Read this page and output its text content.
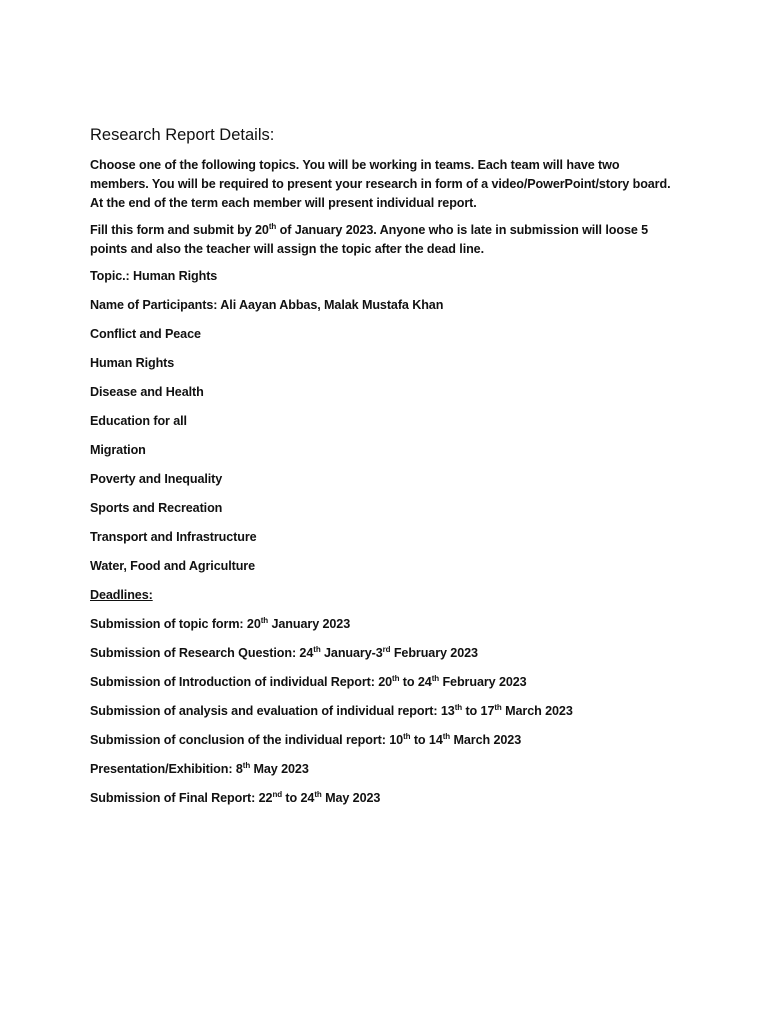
Research Report Details:

Choose one of the following topics. You will be working in teams. Each team will have two members. You will be required to present your research in form of a video/PowerPoint/story board. At the end of the term each member will present individual report.

Fill this form and submit by 20th of January 2023. Anyone who is late in submission will loose 5 points and also the teacher will assign the topic after the dead line.

Topic.: Human Rights
Name of Participants: Ali Aayan Abbas, Malak Mustafa Khan
Conflict and Peace
Human Rights
Disease and Health
Education for all
Migration
Poverty and Inequality
Sports and Recreation
Transport and Infrastructure
Water, Food and Agriculture
Deadlines:
Submission of topic form: 20th January 2023
Submission of Research Question: 24th January-3rd February 2023
Submission of Introduction of individual Report: 20th to 24th February 2023
Submission of analysis and evaluation of individual report: 13th to 17th March 2023
Submission of conclusion of the individual report: 10th to 14th March 2023
Presentation/Exhibition: 8th May 2023
Submission of Final Report: 22nd to 24th May 2023
